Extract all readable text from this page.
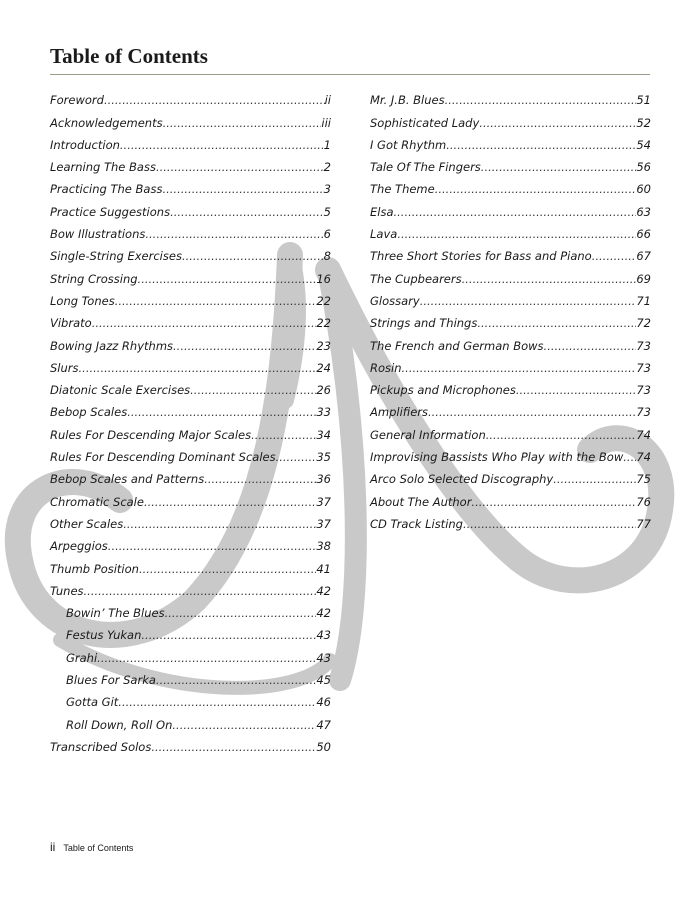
Table of Contents
Foreword .....	ii
Acknowledgements .....	iii
Introduction .....	1
Learning The Bass .....	2
Practicing The Bass .....	3
Practice Suggestions .....	5
Bow Illustrations .....	6
Single-String Exercises .....	8
String Crossing .....	16
Long Tones .....	22
Vibrato .....	22
Bowing Jazz Rhythms .....	23
Slurs .....	24
Diatonic Scale Exercises .....	26
Bebop Scales .....	33
Rules For Descending Major Scales .....	34
Rules For Descending Dominant Scales .....	35
Bebop Scales and Patterns .....	36
Chromatic Scale .....	37
Other Scales .....	37
Arpeggios .....	38
Thumb Position .....	41
Tunes .....	42
Bowin’ The Blues .....	42
Festus Yukan .....	43
Grahi .....	43
Blues For Sarka .....	45
Gotta Git .....	46
Roll Down, Roll On .....	47
Transcribed Solos .....	50
Mr. J.B. Blues .....	51
Sophisticated Lady .....	52
I Got Rhythm .....	54
Tale Of The Fingers .....	56
The Theme .....	60
Elsa .....	63
Lava .....	66
Three Short Stories for Bass and Piano .....	67
The Cupbearers .....	69
Glossary .....	71
Strings and Things .....	72
The French and German Bows .....	73
Rosin .....	73
Pickups and Microphones .....	73
Amplifiers .....	73
General Information .....	74
Improvising Bassists Who Play with the Bow ..... 74
Arco Solo Selected Discography .....	75
About The Author .....	76
CD Track Listing .....	77
ii Table of Contents
